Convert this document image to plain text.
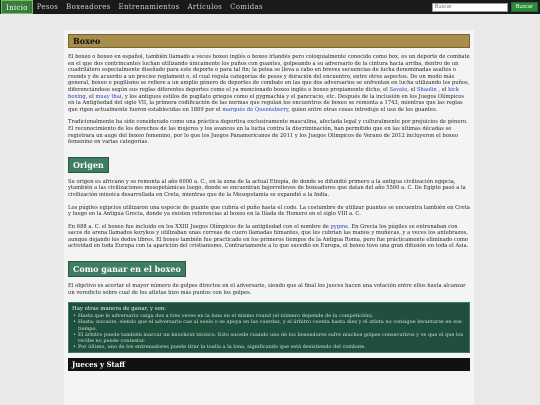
Inicio	Pesos	Boxeadores	Entrenamientos	Artículos	Comidas
Buscar	Buscar
Boxeo

El boxeo o boxeo en español, también llamado a veces boxeo inglés o boxeo irlandés pero coloquialmente conocido como box, es un deporte de combate en el que dos contrincantes luchan utilizando únicamente los puños con guantes, golpeando a su adversario de la cintura hacia arriba, dentro de un cuadrilátero especialmente diseñado para este deporte o para tal fin; la pelea se lleva a cabo en breves secuencias de lucha denominadas asaltos o rounds y de acuerdo a un preciso reglament o, el cual regula categorías de pesos y duración del encuentro, entre otros aspectos. De un modo más general, boxeo o pugilismo se refiere a un amplio género de deportes de combate en las que dos adversarios se enfrentan en lucha utilizando los puños, diferenciándose según sus reglas diferentes deportes como el ya mencionado boxeo inglés o boxeo propiamente dicho, el Savate, el Shaolin , el kick boxing, el muay thai, y los antiguos estilos de pugilato griegos como el pygmachia y el pancracio, etc. Después de la inclusión en los Juegos Olímpicos en la Antigüedad del siglo VII, la primera codificación de las normas que regulan los encuentros de boxeo se remonta a 1743, mientras que las reglas que rigen actualmente fueron establecidas en 1889 por el marqués de Queensberry, quien entre otras cosas introdujo el uso de los guantes.

Tradicionalmente ha sido considerado como una práctica deportiva exclusivamente masculina, afectada legal y culturalmente por prejuicios de género. El reconocimiento de los derechos de las mujeres y los avances en la lucha contra la discriminación, han permitido que en las últimas décadas se registrara un auge del boxeo femenino, por lo que los Juegos Panamericanos de 2011 y los Juegos Olímpicos de Verano de 2012 incluyeron el boxeo femenino en varias categorías.

Origen

Su origen es africano y se remonta al año 6000 a. C., en la zona de la actual Etiopía, de donde se difundió primero a la antigua civilización egipcia, ytambién a las civilizaciones mesopotámicas luego, donde se encuentran bajorrelieves de boxeadores que datan del año 5500 a. C. De Egipto pasó a la civilización minoica desarrollada en Creta, mientras que de la Mesopotamia se expandió a la India.

Los púgiles egipcios utilizaron una especie de guante que cubría el puño hasta el codo. La costumbre de utilizar guantes se encuentra también en Creta y luego en la Antigua Grecia, donde ya existen referencias al boxeo en la Ilíada de Homero en el siglo VIII a. C.

En 688 a. C. el boxeo fue incluido en los XXIII Juegos Olímpicos de la antigüedad con el nombre de pygme. En Grecia los púgiles se entrenaban con sacos de arena llamados korykos y utilizaban unas correas de cuero llamadas himantes, que les cubrían las manos y muñecas, y a veces los antebrazos, aunque dejando los dedos libres. El boxeo también fue practicado en los primeros tiempos de la Antigua Roma, pero fue prácticamente eliminado como actividad en toda Europa con la aparición del cristianismo. Contrariamente a lo que sucedió en Europa, el boxeo tuvo una gran difusión en toda el Asia.

Como ganar en el boxeo

El objetivo es acertar el mayor número de golpes directos en el adversario, siendo que al final los jueces hacen una votación entre ellos hasta alcanzar un veredicto sobre cual de los atletas hizo más puntos con los golpes.

Hay otras manera de ganar, y son:
• Hasta que le adversario caiga dos a tres veces en la lona en el mismo round (el número depende de la competición).
• Hasta: nocaute, siendo que el adversario cae al suelo o se apoya en las cuerdas, y el árbitro cuenta hasta diez y el atleta no consigue levantarse en ese tiempo.
• El árbitro puede también marcar un knockout técnico. Esto sucede cuando uno de los boxeadores sufre muchos golpes consecutivos y ve que el que los recibe no puede contestar.
• Por último, uno de los entrenadores puede tirar la toalla a la lona, significando que está desistiendo del combate.
Jueces y Staff
